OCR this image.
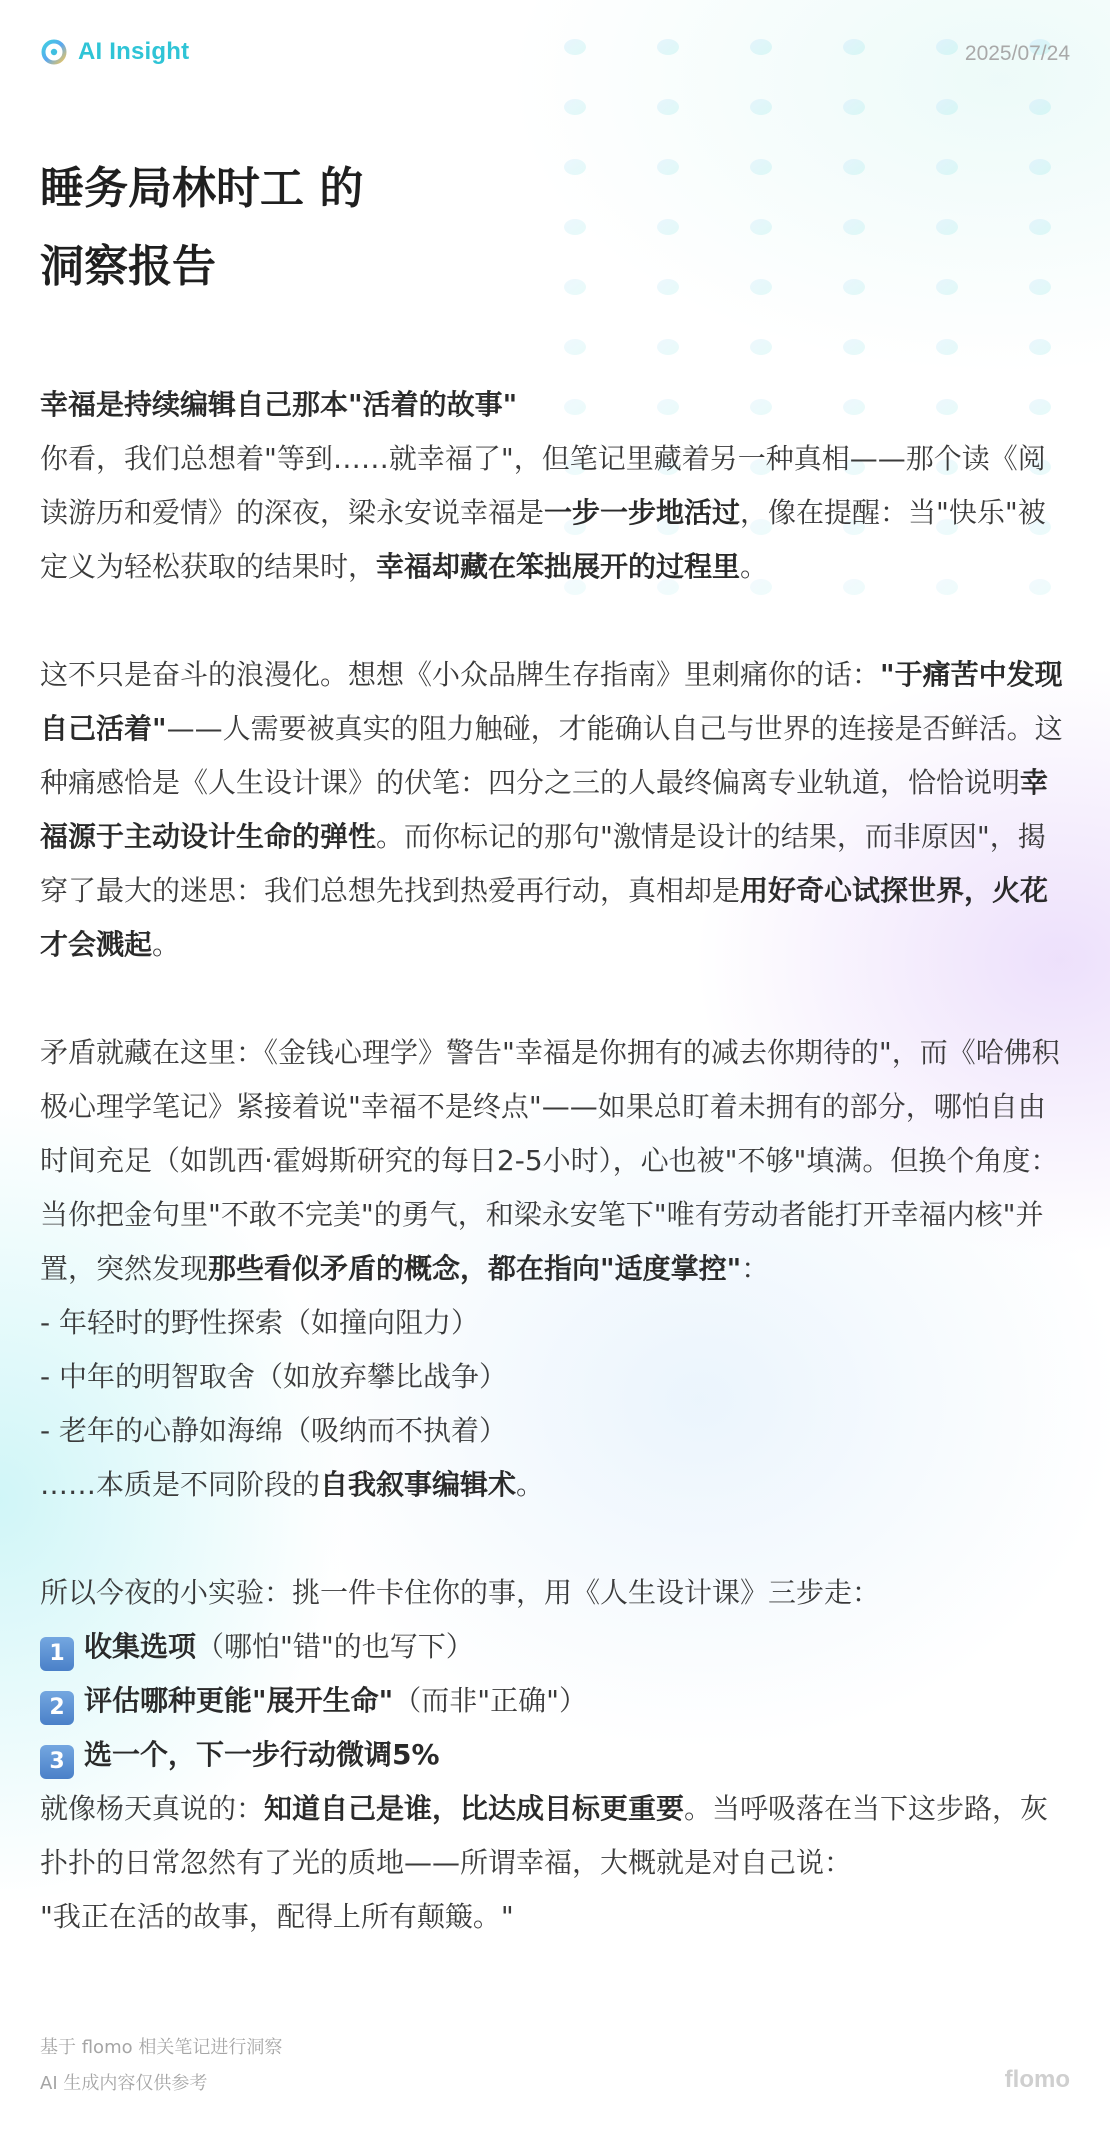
AI Insight	2025/07/24
睡务局林时工 的
洞察报告
幸福是持续编辑自己那本"活着的故事"
你看，我们总想着"等到……就幸福了"，但笔记里藏着另一种真相——那个读《阅读游历和爱情》的深夜，梁永安说幸福是一步一步地活过，像在提醒：当"快乐"被定义为轻松获取的结果时，幸福却藏在笨拙展开的过程里。
这不只是奋斗的浪漫化。想想《小众品牌生存指南》里刺痛你的话："于痛苦中发现自己活着"——人需要被真实的阻力触碰，才能确认自己与世界的连接是否鲜活。这种痛感恰是《人生设计课》的伏笔：四分之三的人最终偏离专业轨道，恰恰说明幸福源于主动设计生命的弹性。而你标记的那句"激情是设计的结果，而非原因"，揭穿了最大的迷思：我们总想先找到热爱再行动，真相却是用好奇心试探世界，火花才会溅起。
矛盾就藏在这里：《金钱心理学》警告"幸福是你拥有的减去你期待的"，而《哈佛积极心理学笔记》紧接着说"幸福不是终点"——如果总盯着未拥有的部分，哪怕自由时间充足（如凯西·霍姆斯研究的每日2-5小时），心也被"不够"填满。但换个角度：当你把金句里"不敢不完美"的勇气，和梁永安笔下"唯有劳动者能打开幸福内核"并置，突然发现那些看似矛盾的概念，都在指向"适度掌控"：
- 年轻时的野性探索（如撞向阻力）
- 中年的明智取舍（如放弃攀比战争）
- 老年的心静如海绵（吸纳而不执着）
……本质是不同阶段的自我叙事编辑术。
所以今夜的小实验：挑一件卡住你的事，用《人生设计课》三步走：
1 收集选项（哪怕"错"的也写下）
2 评估哪种更能"展开生命"（而非"正确"）
3 选一个，下一步行动微调5%
就像杨天真说的：知道自己是谁，比达成目标更重要。当呼吸落在当下这步路，灰扑扑的日常忽然有了光的质地——所谓幸福，大概就是对自己说：
"我正在活的故事，配得上所有颠簸。"
基于 flomo 相关笔记进行洞察
AI 生成内容仅供参考	flomo
